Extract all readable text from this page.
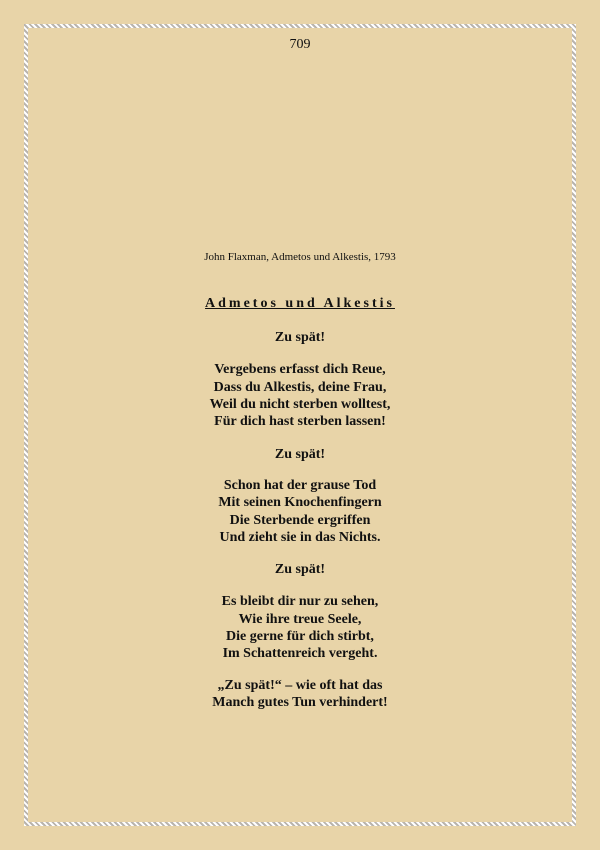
709
John Flaxman, Admetos und Alkestis, 1793
Admetos und Alkestis
Zu spät!
Vergebens erfasst dich Reue,
Dass du Alkestis, deine Frau,
Weil du nicht sterben wolltest,
Für dich hast sterben lassen!
Zu spät!
Schon hat der grause Tod
Mit seinen Knochenfingern
Die Sterbende ergriffen
Und zieht sie in das Nichts.
Zu spät!
Es bleibt dir nur zu sehen,
Wie ihre treue Seele,
Die gerne für dich stirbt,
Im Schattenreich vergeht.
„Zu spät!“ – wie oft hat das
Manch gutes Tun verhindert!
